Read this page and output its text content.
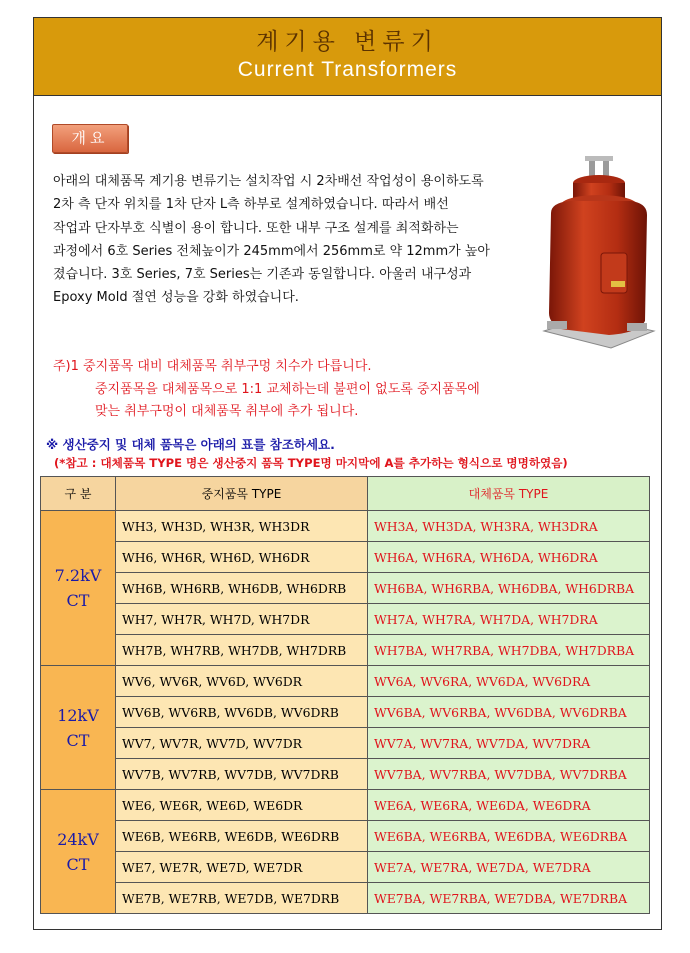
계기용 변류기
Current Transformers
개요

아래의 대체품목 계기용 변류기는 설치작업 시 2차배선 작업성이 용이하도록
2차 측 단자 위치를 1차 단자 L측 하부로 설계하였습니다. 따라서 배선
작업과 단자부호 식별이 용이 합니다. 또한 내부 구조 설계를 최적화하는
과정에서 6호 Series 전체높이가 245mm에서 256mm로 약 12mm가 높아
졌습니다. 3호 Series, 7호 Series는 기존과 동일합니다. 아울러 내구성과
Epoxy Mold 절연 성능을 강화 하였습니다.

주)1 중지품목 대비 대체품목 취부구멍 치수가 다릅니다.
중지품목을 대체품목으로 1:1 교체하는데 불편이 없도록 중지품목에
맞는 취부구멍이 대체품목 취부에 추가 됩니다.
※ 생산중지 및 대체 품목은 아래의 표를 참조하세요.
(*참고 : 대체품목 TYPE 명은 생산중지 품목 TYPE명 마지막에 A를 추가하는 형식으로 명명하였음)
구 분	중지품목 TYPE	대체품목 TYPE
7.2kV
CT	WH3, WH3D, WH3R, WH3DR	WH3A, WH3DA, WH3RA, WH3DRA
	WH6, WH6R, WH6D, WH6DR	WH6A, WH6RA, WH6DA, WH6DRA
	WH6B, WH6RB, WH6DB, WH6DRB	WH6BA, WH6RBA, WH6DBA, WH6DRBA
	WH7, WH7R, WH7D, WH7DR	WH7A, WH7RA, WH7DA, WH7DRA
	WH7B, WH7RB, WH7DB, WH7DRB	WH7BA, WH7RBA, WH7DBA, WH7DRBA
12kV
CT	WV6, WV6R, WV6D, WV6DR	WV6A, WV6RA, WV6DA, WV6DRA
	WV6B, WV6RB, WV6DB, WV6DRB	WV6BA, WV6RBA, WV6DBA, WV6DRBA
	WV7, WV7R, WV7D, WV7DR	WV7A, WV7RA, WV7DA, WV7DRA
	WV7B, WV7RB, WV7DB, WV7DRB	WV7BA, WV7RBA, WV7DBA, WV7DRBA
24kV
CT	WE6, WE6R, WE6D, WE6DR	WE6A, WE6RA, WE6DA, WE6DRA
	WE6B, WE6RB, WE6DB, WE6DRB	WE6BA, WE6RBA, WE6DBA, WE6DRBA
	WE7, WE7R, WE7D, WE7DR	WE7A, WE7RA, WE7DA, WE7DRA
	WE7B, WE7RB, WE7DB, WE7DRB	WE7BA, WE7RBA, WE7DBA, WE7DRBA
